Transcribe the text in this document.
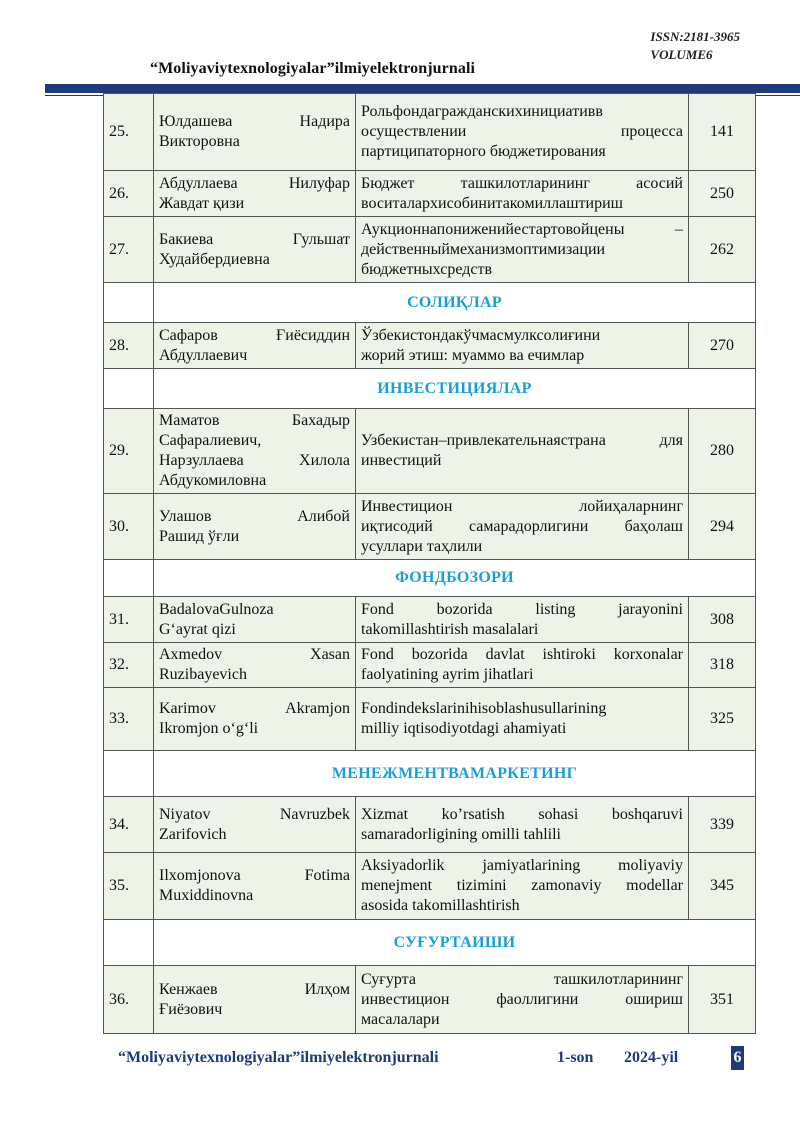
ISSN:2181-3965
VOLUME6
“Moliyaviytexnologiyalar”ilmiyelektronjurnali
25.	Юлдашева Надира
Викторовна	Рольфондагражданскихинициативв
осуществлении процесса
партиципаторного бюджетирования	141
26.	Абдуллаева Нилуфар
Жавдат қизи	Бюджет ташкилотларининг асосий
воситалархисобинитакомиллаштириш	250
27.	Бакиева Гульшат
Худайбердиевна	Аукционнапониженийестартовойцены –
действенныймеханизмоптимизации
бюджетныхсредств	262
	СОЛИҚЛАР		
28.	Сафаров Ғиёсиддин
Абдуллаевич	Ўзбекистондакўчмасмулксолиғини
жорий этиш: муаммо ва ечимлар	270
	ИНВЕСТИЦИЯЛАР		
29.	Маматов Бахадыр
Сафаралиевич,
Нарзуллаева Хилола
Абдукомиловна	Узбекистан–привлекательнаястрана для
инвестиций	280
30.	Улашов Алибой
Рашид ўғли	Инвестицион лойиҳаларнинг
иқтисодий самарадорлигини баҳолаш
усуллари таҳлили	294
	ФОНДБОЗОРИ		
31.	BadalovaGulnoza
G‘ayrat qizi	Fond bozorida listing jarayonini
takomillashtirish masalalari	308
32.	Axmedov Xasan
Ruzibayevich	Fond bozorida davlat ishtiroki korxonalar
faolyatining ayrim jihatlari	318
33.	Karimov Akramjon
Ikromjon o‘g‘li	Fondindekslarinihisoblashusullarining
milliy iqtisodiyotdagi ahamiyati	325
	МЕНЕЖМЕНТВАМАРКЕТИНГ		
34.	Niyatov Navruzbek
Zarifovich	Xizmat ko’rsatish sohasi boshqaruvi
samaradorligining omilli tahlili	339
35.	Ilxomjonova Fotima
Muxiddinovna	Aksiyadorlik jamiyatlarining moliyaviy
menejment tizimini zamonaviy modellar
asosida takomillashtirish	345
	СУҒУРТАИШИ		
36.	Кенжаев Илҳом
Ғиёзович	Суғурта ташкилотларининг
инвестицион фаоллигини ошириш
масалалари	351
“Moliyaviytexnologiyalar”ilmiyelektronjurnali	1-son 2024-yil	6
